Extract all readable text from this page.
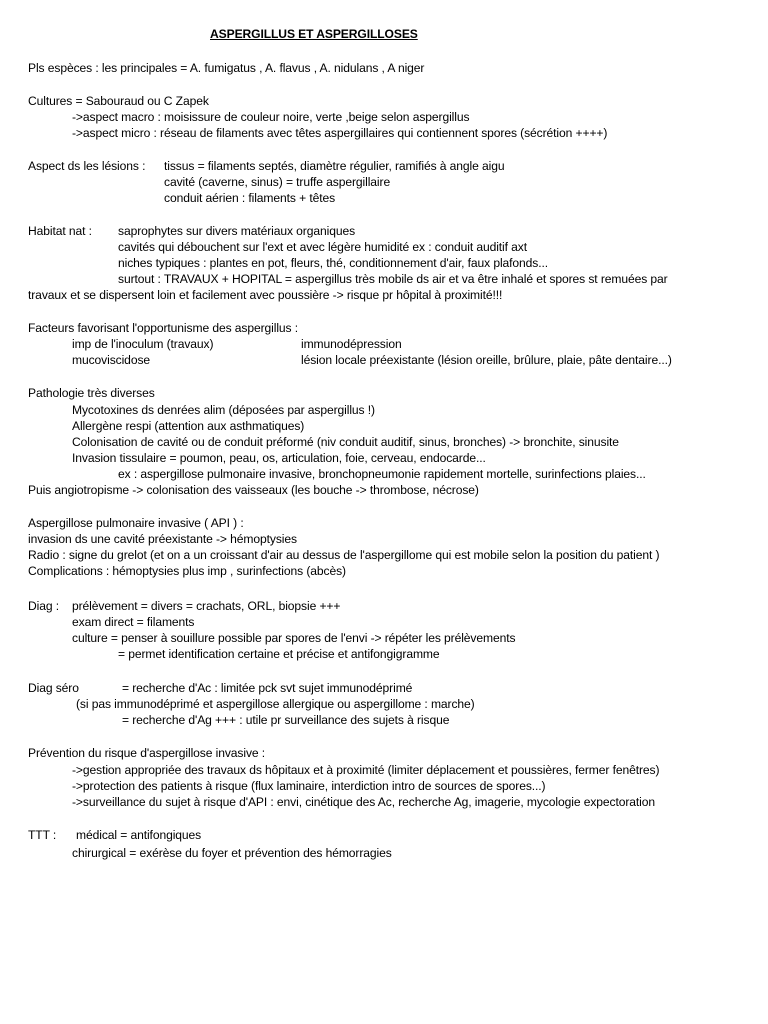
ASPERGILLUS ET ASPERGILLOSES
Pls espèces : les principales = A. fumigatus , A. flavus , A. nidulans , A niger
Cultures = Sabouraud ou C Zapek
->aspect macro : moisissure de couleur noire, verte ,beige selon aspergillus
->aspect micro : réseau de filaments avec têtes aspergillaires qui contiennent spores (sécrétion ++++)
Aspect ds les lésions : tissus = filaments septés, diamètre régulier, ramifiés à angle aigu
cavité (caverne, sinus) = truffe aspergillaire
conduit aérien : filaments + têtes
Habitat nat : saprophytes sur divers matériaux organiques
cavités qui débouchent sur l'ext et avec légère humidité ex : conduit auditif axt
niches typiques : plantes en pot, fleurs, thé, conditionnement d'air, faux plafonds...
surtout : TRAVAUX + HOPITAL = aspergillus très mobile ds air et va être inhalé et spores st remuées par
travaux et se dispersent loin et facilement avec poussière -> risque pr hôpital à proximité!!!
Facteurs favorisant l'opportunisme des aspergillus :
imp de l'inoculum (travaux)	immunodépression
mucoviscidose	lésion locale préexistante (lésion oreille, brûlure, plaie, pâte dentaire...)
Pathologie très diverses
Mycotoxines ds denrées alim (déposées par aspergillus !)
Allergène respi (attention aux asthmatiques)
Colonisation de cavité ou de conduit préformé (niv conduit auditif, sinus, bronches) -> bronchite, sinusite
Invasion tissulaire = poumon, peau, os, articulation, foie, cerveau, endocarde...
ex : aspergillose pulmonaire invasive, bronchopneumonie rapidement mortelle, surinfections plaies...
Puis angiotropisme -> colonisation des vaisseaux (les bouche -> thrombose, nécrose)
Aspergillose pulmonaire invasive ( API ) :
invasion ds une cavité préexistante -> hémoptysies
Radio : signe du grelot (et on a un croissant d'air au dessus de l'aspergillome qui est mobile selon la position du patient )
Complications : hémoptysies plus imp , surinfections (abcès)
Diag : prélèvement = divers = crachats, ORL, biopsie +++
exam direct = filaments
culture = penser à souillure possible par spores de l'envi -> répéter les prélèvements
= permet identification certaine et précise et antifongigramme
Diag séro	= recherche d'Ac : limitée pck svt sujet immunodéprimé
(si pas immunodéprimé et aspergillose allergique ou aspergillome : marche)
= recherche d'Ag +++ : utile pr surveillance des sujets à risque
Prévention du risque d'aspergillose invasive :
->gestion appropriée des travaux ds hôpitaux et à proximité (limiter déplacement et poussières, fermer fenêtres)
->protection des patients à risque (flux laminaire, interdiction intro de sources de spores...)
->surveillance du sujet à risque d'API : envi, cinétique des Ac, recherche Ag, imagerie, mycologie expectoration
TTT : médical = antifongiques
chirurgical = exérèse du foyer et prévention des hémorragies
